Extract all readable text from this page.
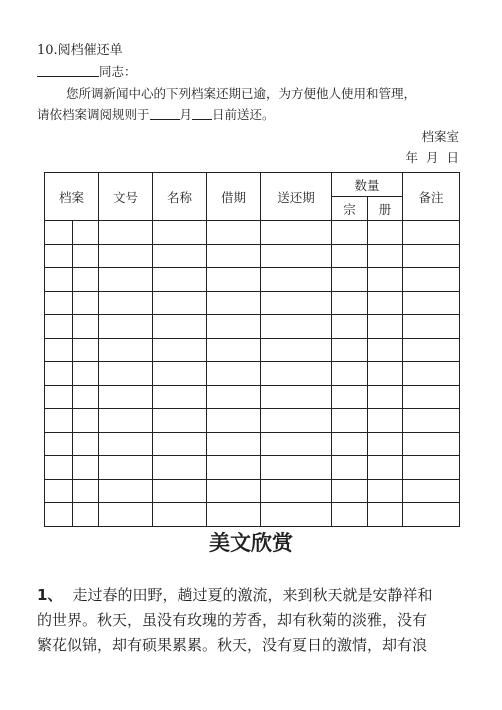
10.阅档催还单
同志：
您所调新闻中心的下列档案还期已逾，为方便他人使用和管理，
请依档案调阅规则于 月 日前送还。
档案室
年 月 日
档案		文号	名称	借期	送还期	数量		备注
						宗	册	

美文欣赏
1、 走过春的田野，趟过夏的激流，来到秋天就是安静祥和
的世界。秋天，虽没有玫瑰的芳香，却有秋菊的淡雅，没有
繁花似锦，却有硕果累累。秋天，没有夏日的激情，却有浪
